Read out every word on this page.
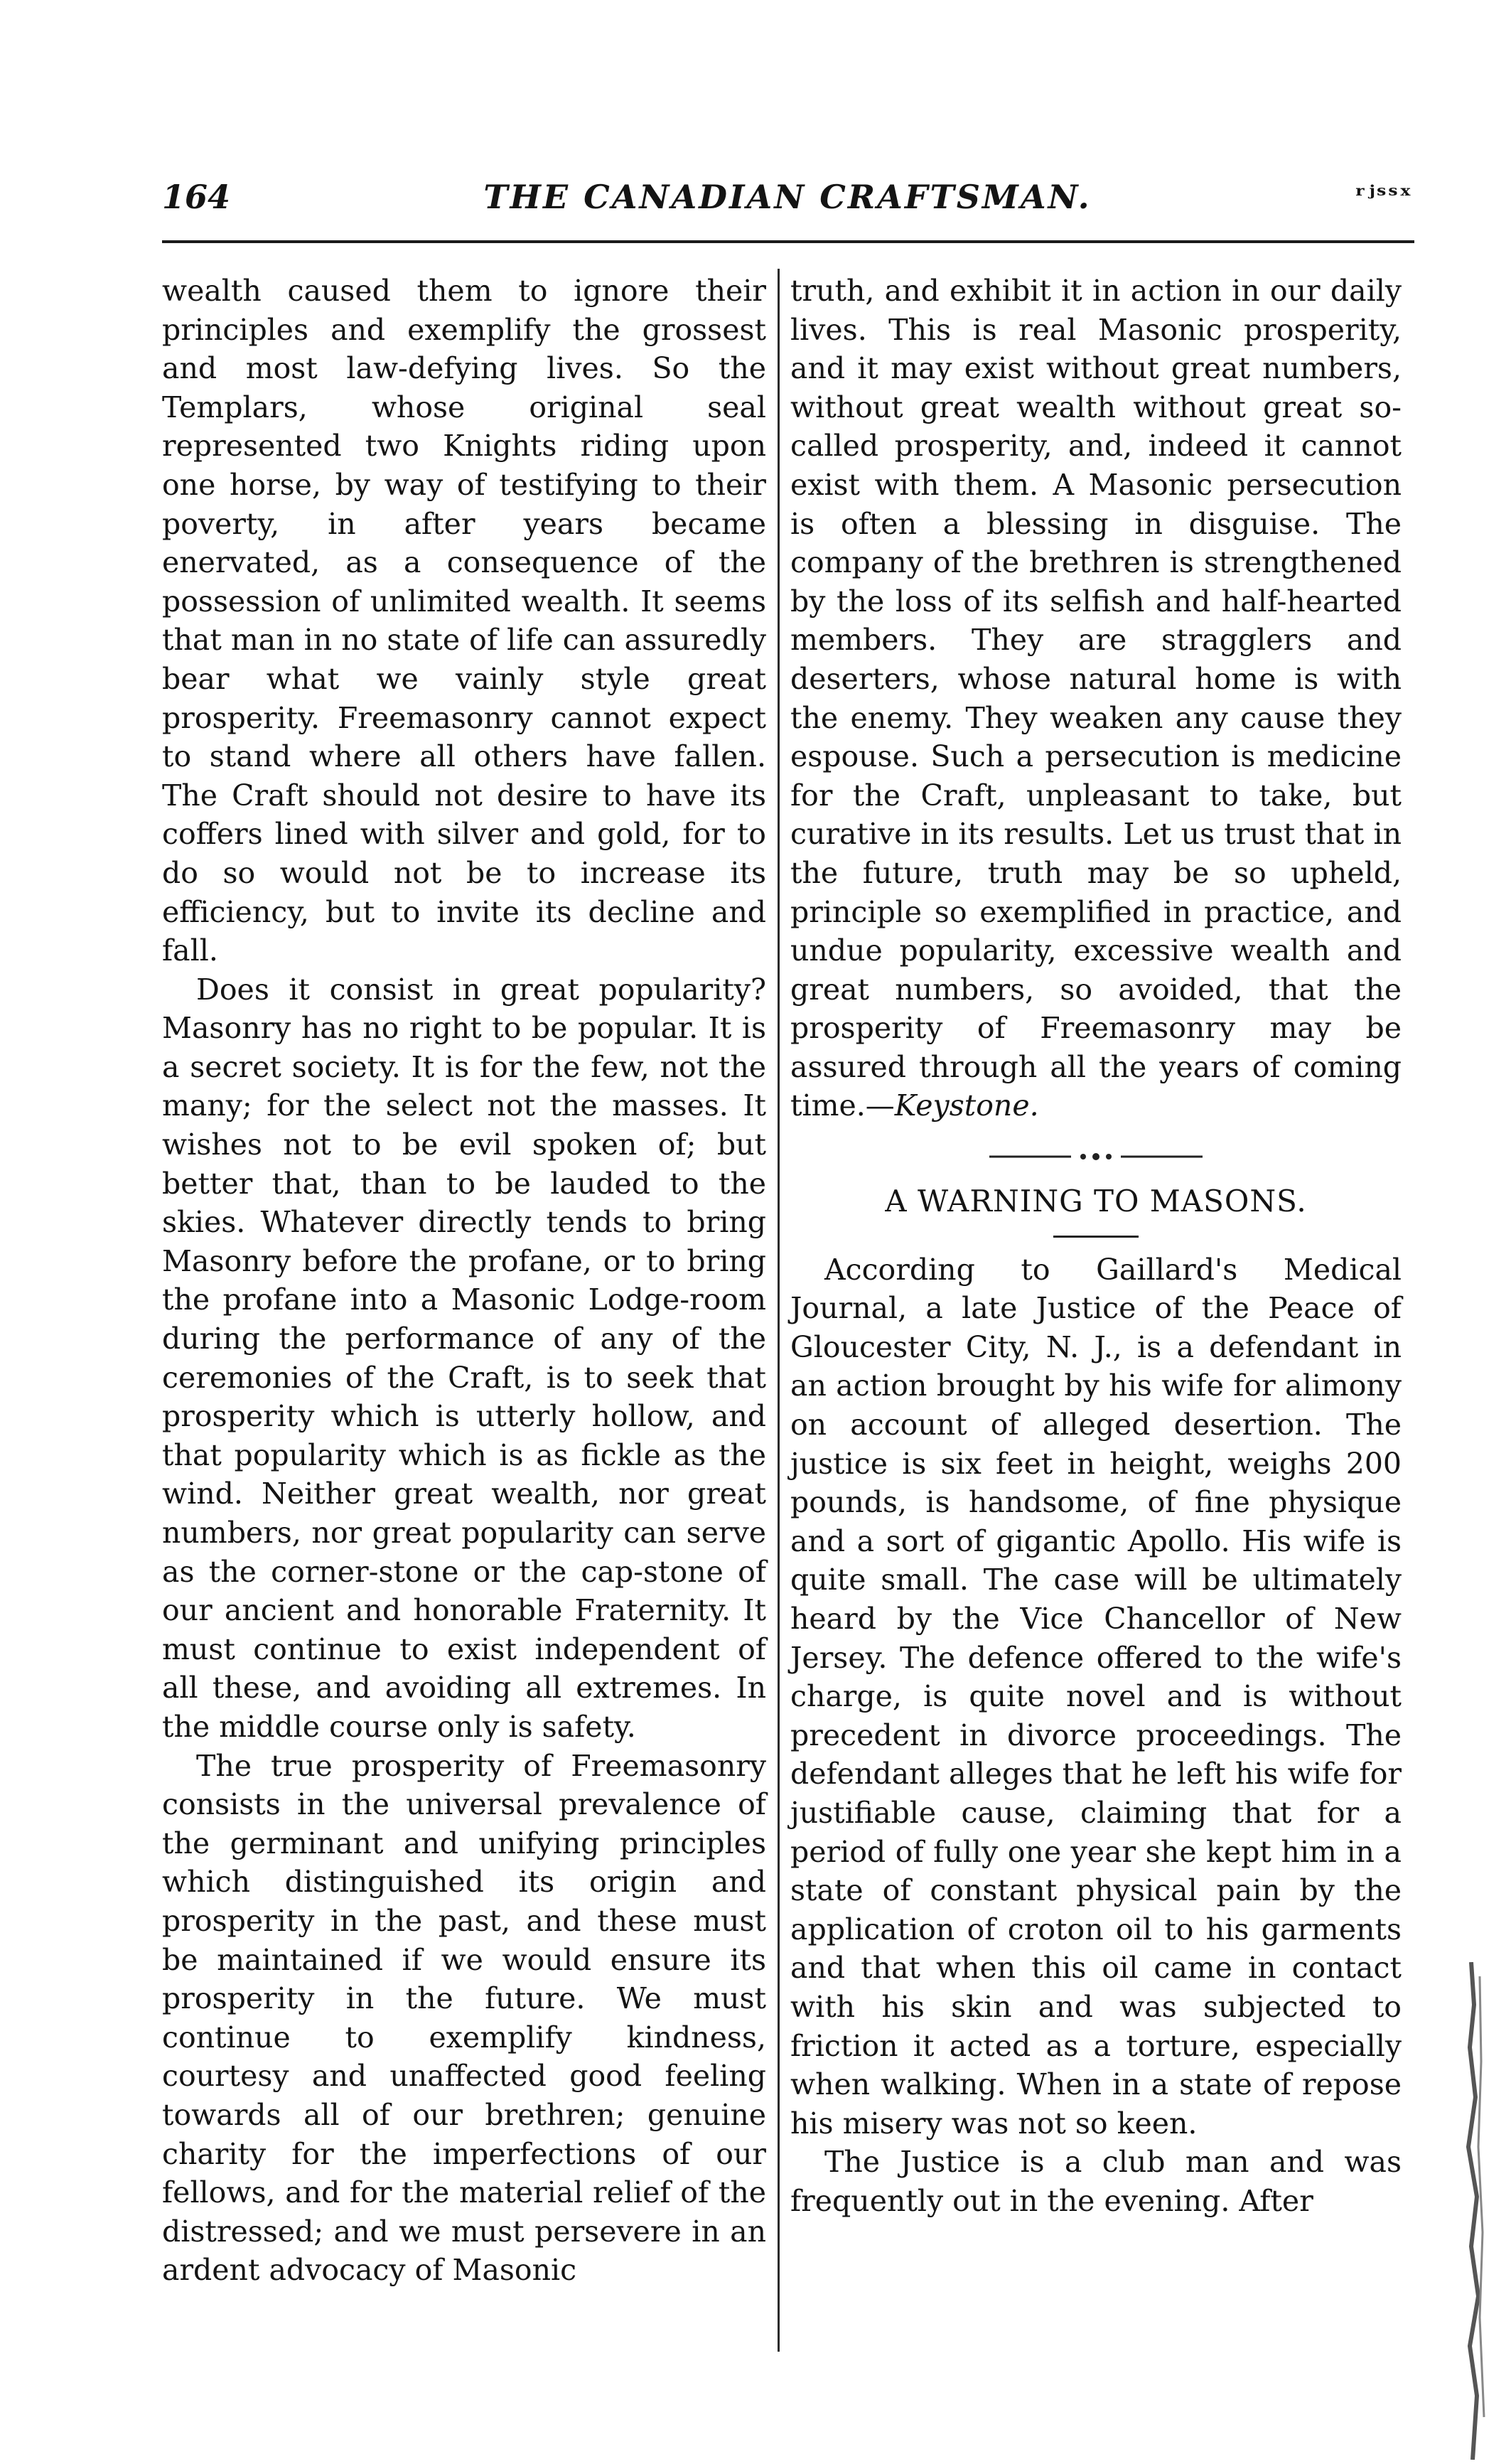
164	THE CANADIAN CRAFTSMAN.	ʳʲˢˢˣ

wealth caused them to ignore their principles and exemplify the grossest and most law-defying lives. So the Templars, whose original seal represented two Knights riding upon one horse, by way of testifying to their poverty, in after years became enervated, as a consequence of the possession of unlimited wealth. It seems that man in no state of life can assuredly bear what we vainly style great prosperity. Freemasonry cannot expect to stand where all others have fallen. The Craft should not desire to have its coffers lined with silver and gold, for to do so would not be to increase its efficiency, but to invite its decline and fall.

Does it consist in great popularity? Masonry has no right to be popular. It is a secret society. It is for the few, not the many; for the select not the masses. It wishes not to be evil spoken of; but better that, than to be lauded to the skies. Whatever directly tends to bring Masonry before the profane, or to bring the profane into a Masonic Lodge-room during the performance of any of the ceremonies of the Craft, is to seek that prosperity which is utterly hollow, and that popularity which is as fickle as the wind. Neither great wealth, nor great numbers, nor great popularity can serve as the corner-stone or the cap-stone of our ancient and honorable Fraternity. It must continue to exist independent of all these, and avoiding all extremes. In the middle course only is safety.

The true prosperity of Freemasonry consists in the universal prevalence of the germinant and unifying principles which distinguished its origin and prosperity in the past, and these must be maintained if we would ensure its prosperity in the future. We must continue to exemplify kindness, courtesy and unaffected good feeling towards all of our brethren; genuine charity for the imperfections of our fellows, and for the material relief of the distressed; and we must persevere in an ardent advocacy of Masonic

truth, and exhibit it in action in our daily lives. This is real Masonic prosperity, and it may exist without great numbers, without great wealth without great so-called prosperity, and, indeed it cannot exist with them. A Masonic persecution is often a blessing in disguise. The company of the brethren is strengthened by the loss of its selfish and half-hearted members. They are stragglers and deserters, whose natural home is with the enemy. They weaken any cause they espouse. Such a persecution is medicine for the Craft, unpleasant to take, but curative in its results. Let us trust that in the future, truth may be so upheld, principle so exemplified in practice, and undue popularity, excessive wealth and great numbers, so avoided, that the prosperity of Freemasonry may be assured through all the years of coming time.—Keystone.

A WARNING TO MASONS.

According to Gaillard's Medical Journal, a late Justice of the Peace of Gloucester City, N. J., is a defendant in an action brought by his wife for alimony on account of alleged desertion. The justice is six feet in height, weighs 200 pounds, is handsome, of fine physique and a sort of gigantic Apollo. His wife is quite small. The case will be ultimately heard by the Vice Chancellor of New Jersey. The defence offered to the wife's charge, is quite novel and is without precedent in divorce proceedings. The defendant alleges that he left his wife for justifiable cause, claiming that for a period of fully one year she kept him in a state of constant physical pain by the application of croton oil to his garments and that when this oil came in contact with his skin and was subjected to friction it acted as a torture, especially when walking. When in a state of repose his misery was not so keen.

The Justice is a club man and was frequently out in the evening. After
